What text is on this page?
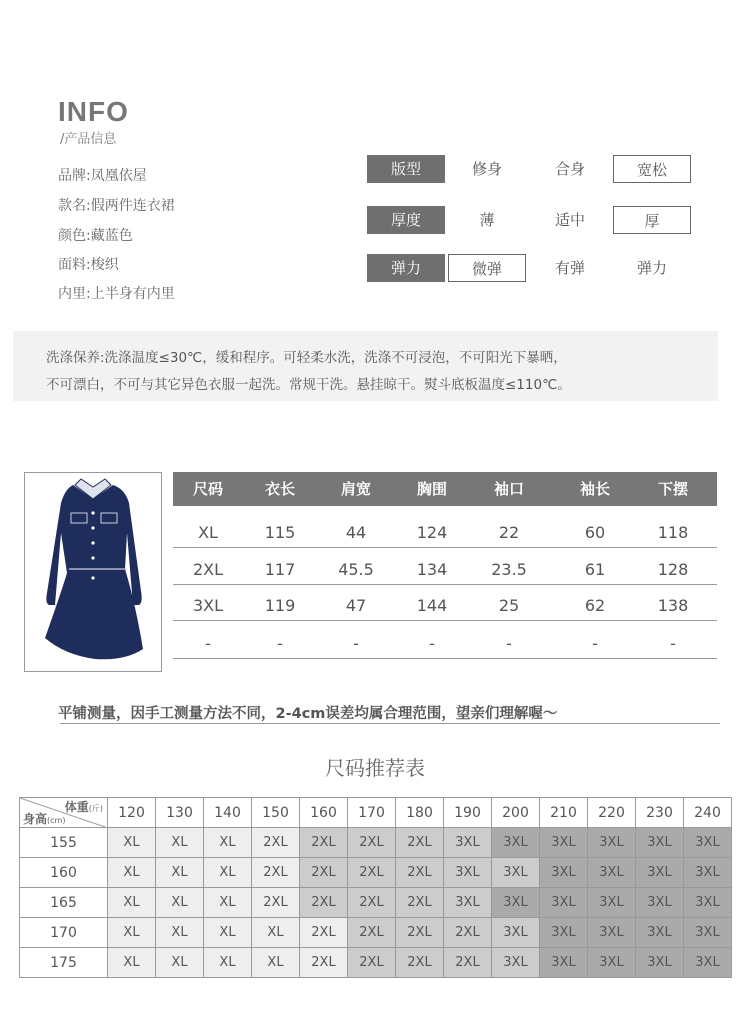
INFO
/产品信息
品牌:凤凰依屋
款名:假两件连衣裙
颜色:藏蓝色
面料:梭织
内里:上半身有内里
版型	修身	合身	宽松
厚度	薄	适中	厚
弹力	微弹	有弹	弹力
洗涤保养:洗涤温度≤30℃，缓和程序。可轻柔水洗，洗涤不可浸泡，不可阳光下暴晒，
不可漂白，不可与其它异色衣服一起洗。常规干洗。悬挂晾干。熨斗底板温度≤110℃。
尺码	衣长	肩宽	胸围	袖口	袖长	下摆
XL	115	44	124	22	60	118
2XL	117	45.5	134	23.5	61	128
3XL	119	47	144	25	62	138
-	-	-	-	-	-	-
平铺测量，因手工测量方法不同，2-4cm误差均属合理范围，望亲们理解喔～
尺码推荐表
体重(斤)
身高(cm)	120	130	140	150	160	170	180	190	200	210	220	230	240
155	XL	XL	XL	2XL	2XL	2XL	2XL	3XL	3XL	3XL	3XL	3XL	3XL
160	XL	XL	XL	2XL	2XL	2XL	2XL	3XL	3XL	3XL	3XL	3XL	3XL
165	XL	XL	XL	2XL	2XL	2XL	2XL	3XL	3XL	3XL	3XL	3XL	3XL
170	XL	XL	XL	XL	2XL	2XL	2XL	2XL	3XL	3XL	3XL	3XL	3XL
175	XL	XL	XL	XL	2XL	2XL	2XL	2XL	3XL	3XL	3XL	3XL	3XL
